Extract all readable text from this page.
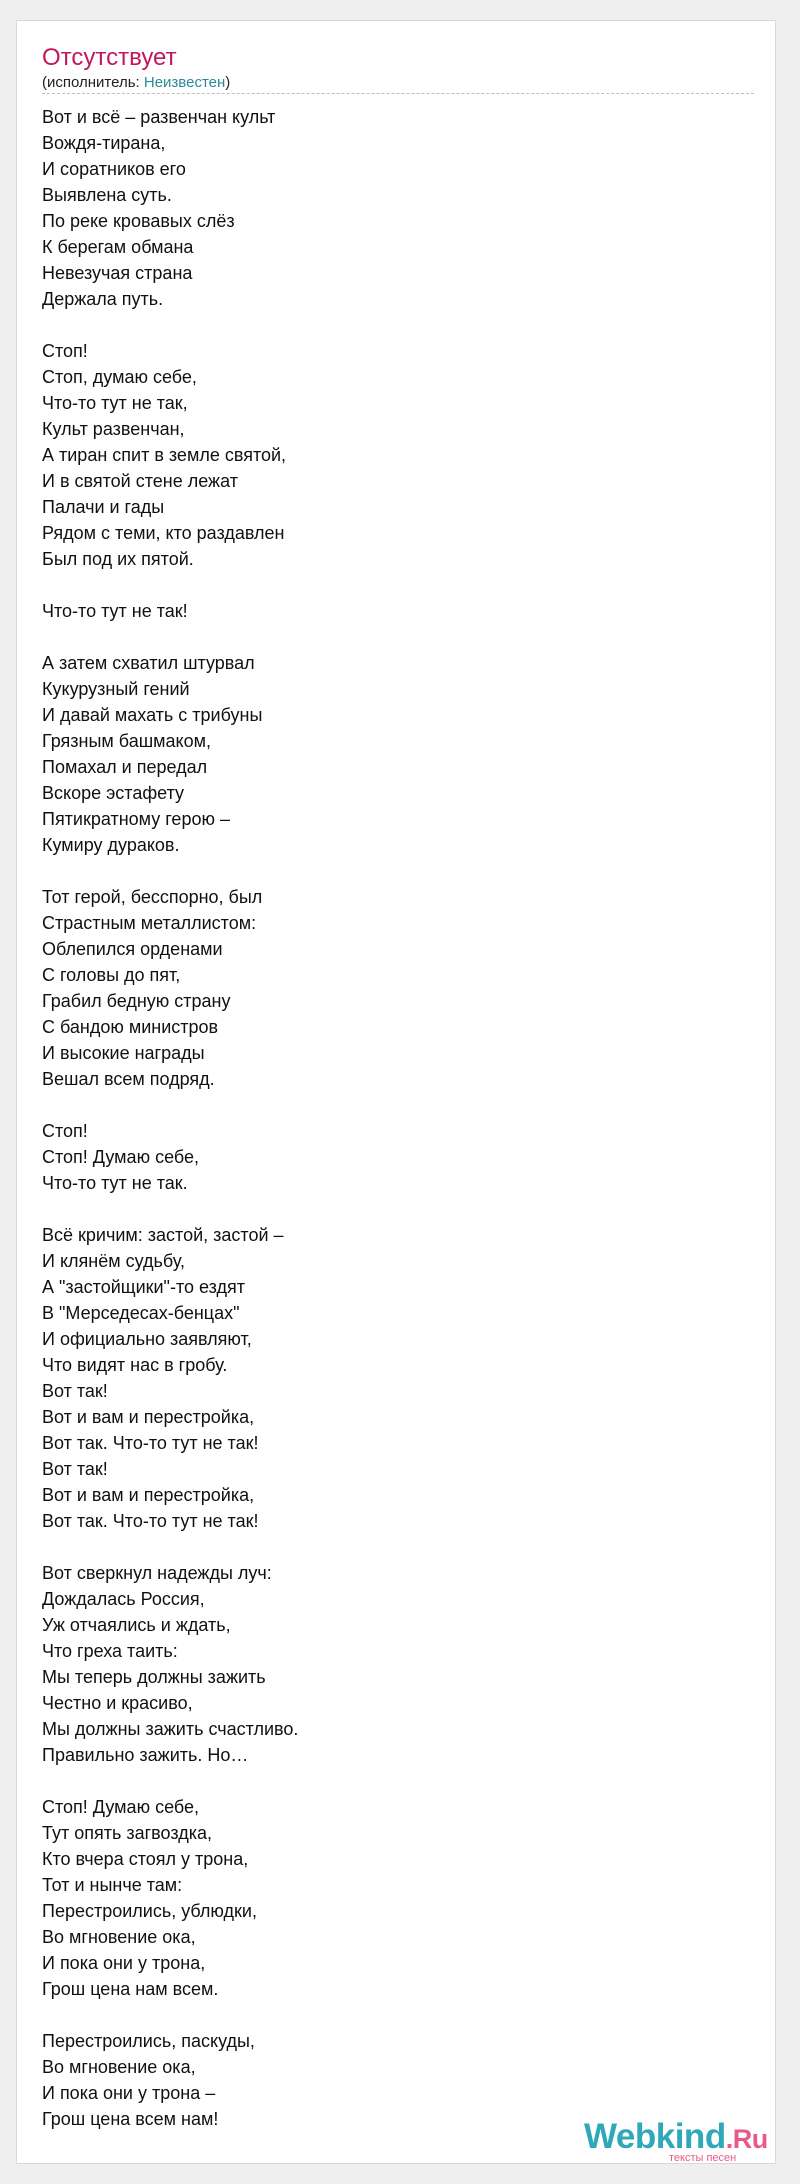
Отсутствует
(исполнитель: Неизвестен)
Вот и всё – развенчан культ
Вождя-тирана,
И соратников его
Выявлена суть.
По реке кровавых слёз
К берегам обмана
Невезучая страна
Держала путь.
Стоп!
Стоп, думаю себе,
Что-то тут не так,
Культ развенчан,
А тиран спит в земле святой,
И в святой стене лежат
Палачи и гады
Рядом с теми, кто раздавлен
Был под их пятой.
Что-то тут не так!
А затем схватил штурвал
Кукурузный гений
И давай махать с трибуны
Грязным башмаком,
Помахал и передал
Вскоре эстафету
Пятикратному герою –
Кумиру дураков.
Тот герой, бесспорно, был
Страстным металлистом:
Облепился орденами
С головы до пят,
Грабил бедную страну
С бандою министров
И высокие награды
Вешал всем подряд.
Стоп!
Стоп! Думаю себе,
Что-то тут не так.
Всё кричим: застой, застой –
И клянём судьбу,
А "застойщики"-то ездят
В "Мерседесах-бенцах"
И официально заявляют,
Что видят нас в гробу.
Вот так!
Вот и вам и перестройка,
Вот так. Что-то тут не так!
Вот так!
Вот и вам и перестройка,
Вот так. Что-то тут не так!
Вот сверкнул надежды луч:
Дождалась Россия,
Уж отчаялись и ждать,
Что греха таить:
Мы теперь должны зажить
Честно и красиво,
Мы должны зажить счастливо.
Правильно зажить. Но…
Стоп! Думаю себе,
Тут опять загвоздка,
Кто вчера стоял у трона,
Тот и нынче там:
Перестроились, ублюдки,
Во мгновение ока,
И пока они у трона,
Грош цена нам всем.
Перестроились, паскуды,
Во мгновение ока,
И пока они у трона –
Грош цена всем нам!	Webkind.Ru
тексты песен
